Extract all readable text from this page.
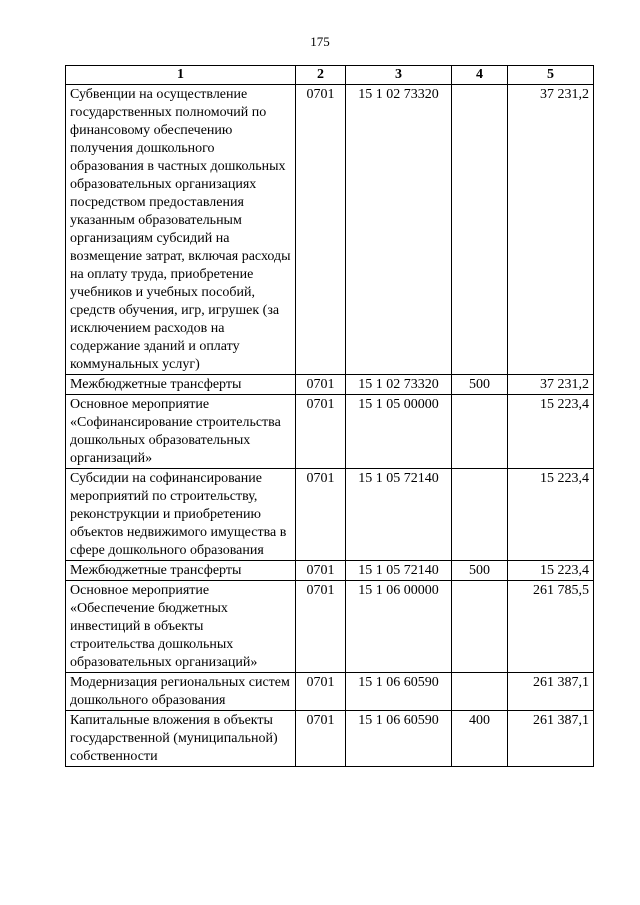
175
1	2	3	4	5
Субвенции на осуществление государственных полномочий по финансовому обеспечению получения дошкольного образования в частных дошкольных образовательных организациях посредством предоставления указанным образовательным организациям субсидий на возмещение затрат, включая расходы на оплату труда, приобретение учебников и учебных пособий, средств обучения, игр, игрушек (за исключением расходов на содержание зданий и оплату коммунальных услуг)	0701	15 1 02 73320		37 231,2
Межбюджетные трансферты	0701	15 1 02 73320	500	37 231,2
Основное мероприятие «Софинансирование строительства дошкольных образовательных организаций»	0701	15 1 05 00000		15 223,4
Субсидии на софинансирование мероприятий по строительству, реконструкции и приобретению объектов недвижимого имущества в сфере дошкольного образования	0701	15 1 05 72140		15 223,4
Межбюджетные трансферты	0701	15 1 05 72140	500	15 223,4
Основное мероприятие «Обеспечение бюджетных инвестиций в объекты строительства дошкольных образовательных организаций»	0701	15 1 06 00000		261 785,5
Модернизация региональных систем дошкольного образования	0701	15 1 06 60590		261 387,1
Капитальные вложения в объекты государственной (муниципальной) собственности	0701	15 1 06 60590	400	261 387,1
